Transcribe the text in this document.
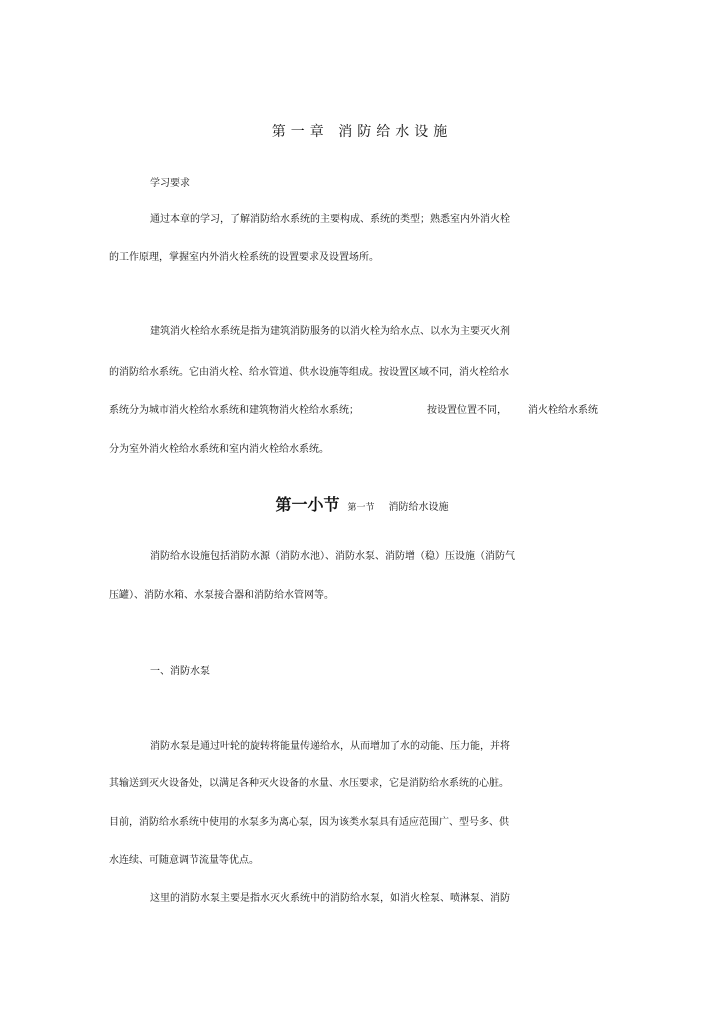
第一章 消防给水设施
学习要求
通过本章的学习，了解消防给水系统的主要构成、系统的类型；熟悉室内外消火栓
的工作原理，掌握室内外消火栓系统的设置要求及设置场所。
建筑消火栓给水系统是指为建筑消防服务的以消火栓为给水点、以水为主要灭火剂
的消防给水系统。它由消火栓、给水管道、供水设施等组成。按设置区域不同，消火栓给水
系统分为城市消火栓给水系统和建筑物消火栓给水系统；	按设置位置不同， 消火栓给水系统
分为室外消火栓给水系统和室内消火栓给水系统。
第一小节 第一节 消防给水设施
消防给水设施包括消防水源（消防水池）、消防水泵、消防增（稳）压设施（消防气
压罐）、消防水箱、水泵接合器和消防给水管网等。
一、消防水泵
消防水泵是通过叶轮的旋转将能量传递给水，从而增加了水的动能、压力能，并将
其输送到灭火设备处，以满足各种灭火设备的水量、水压要求，它是消防给水系统的心脏。
目前，消防给水系统中使用的水泵多为离心泵，因为该类水泵具有适应范围广、型号多、供
水连续、可随意调节流量等优点。
这里的消防水泵主要是指水灭火系统中的消防给水泵，如消火栓泵、喷淋泵、消防
